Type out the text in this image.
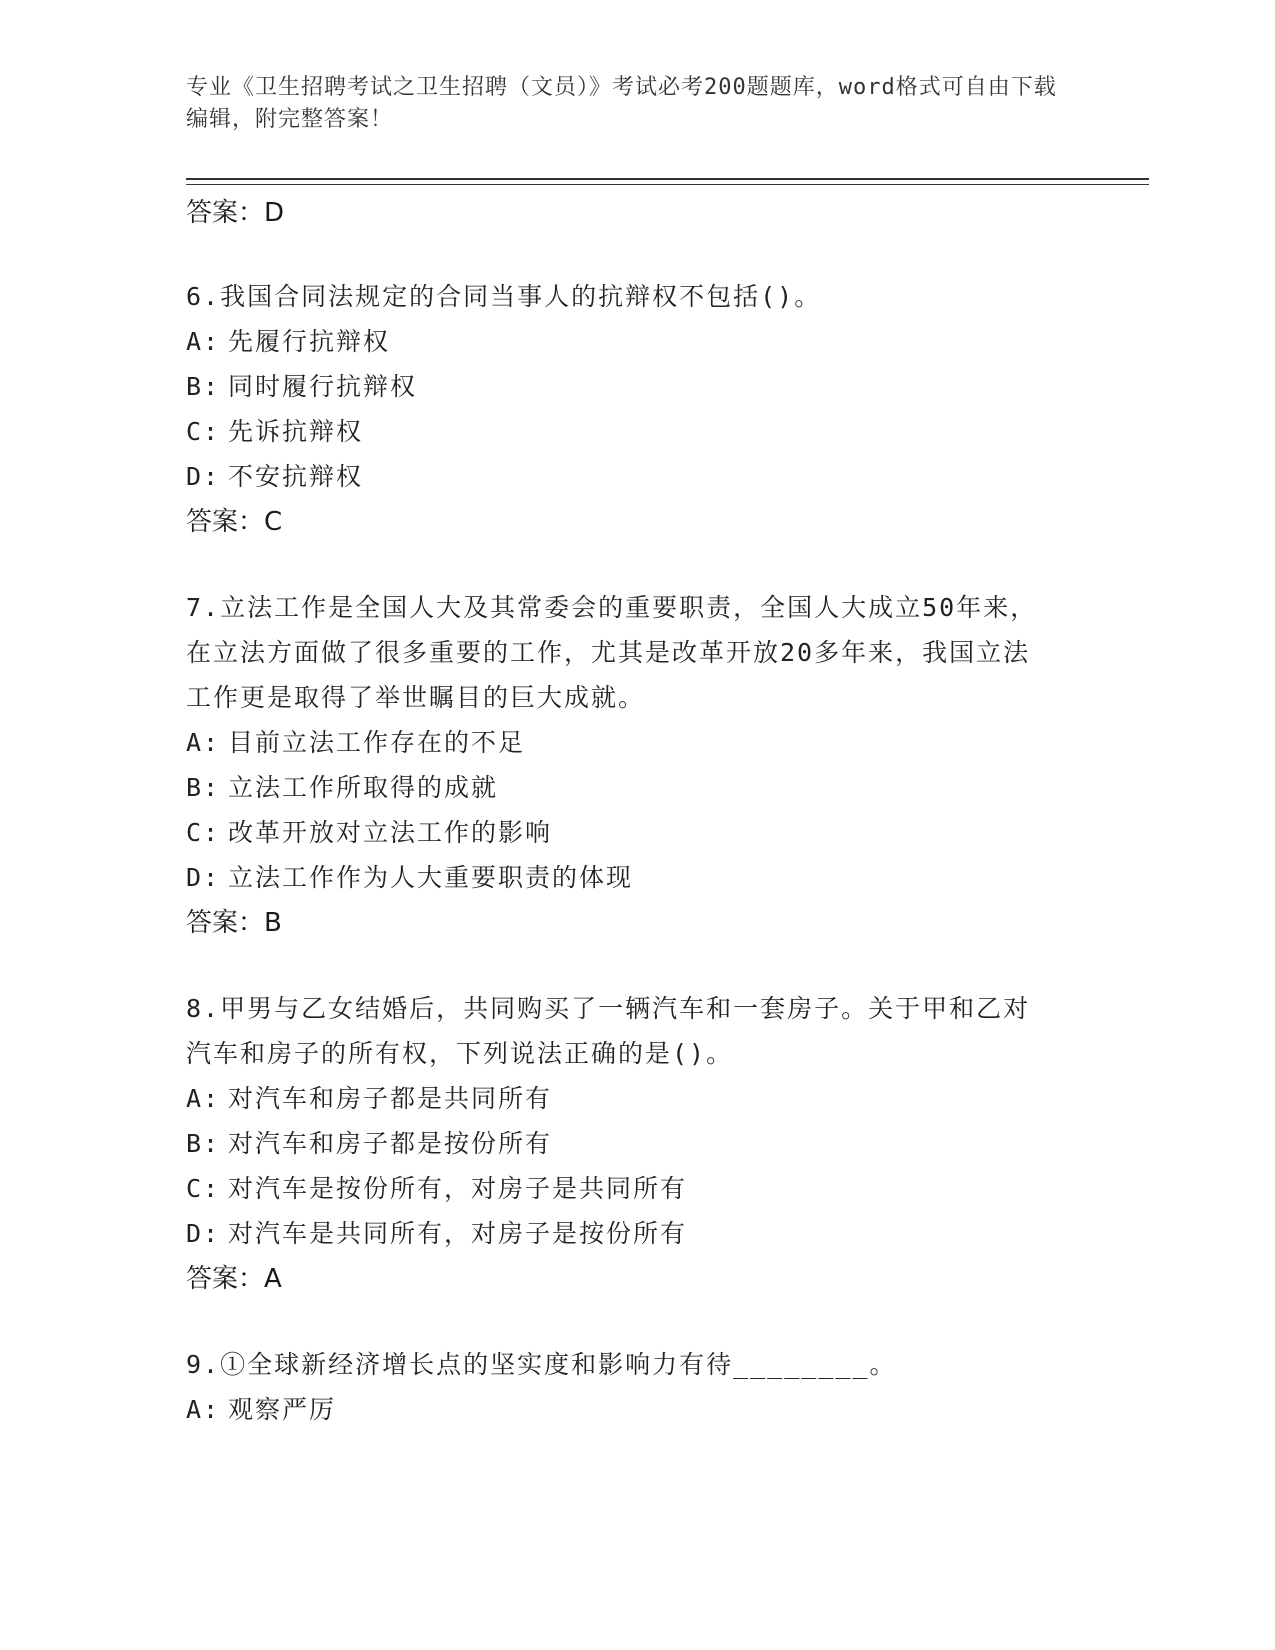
专业《卫生招聘考试之卫生招聘（文员）》考试必考200题题库，word格式可自由下载编辑，附完整答案！

答案：D

6.我国合同法规定的合同当事人的抗辩权不包括()。

A: 先履行抗辩权

B: 同时履行抗辩权

C: 先诉抗辩权

D: 不安抗辩权

答案：C

7.立法工作是全国人大及其常委会的重要职责，全国人大成立50年来，在立法方面做了很多重要的工作，尤其是改革开放20多年来，我国立法工作更是取得了举世瞩目的巨大成就。

A: 目前立法工作存在的不足

B: 立法工作所取得的成就

C: 改革开放对立法工作的影响

D: 立法工作作为人大重要职责的体现

答案：B

8.甲男与乙女结婚后，共同购买了一辆汽车和一套房子。关于甲和乙对汽车和房子的所有权，下列说法正确的是()。

A: 对汽车和房子都是共同所有

B: 对汽车和房子都是按份所有

C: 对汽车是按份所有，对房子是共同所有

D: 对汽车是共同所有，对房子是按份所有

答案：A

9.①全球新经济增长点的坚实度和影响力有待________。

A: 观察严厉
